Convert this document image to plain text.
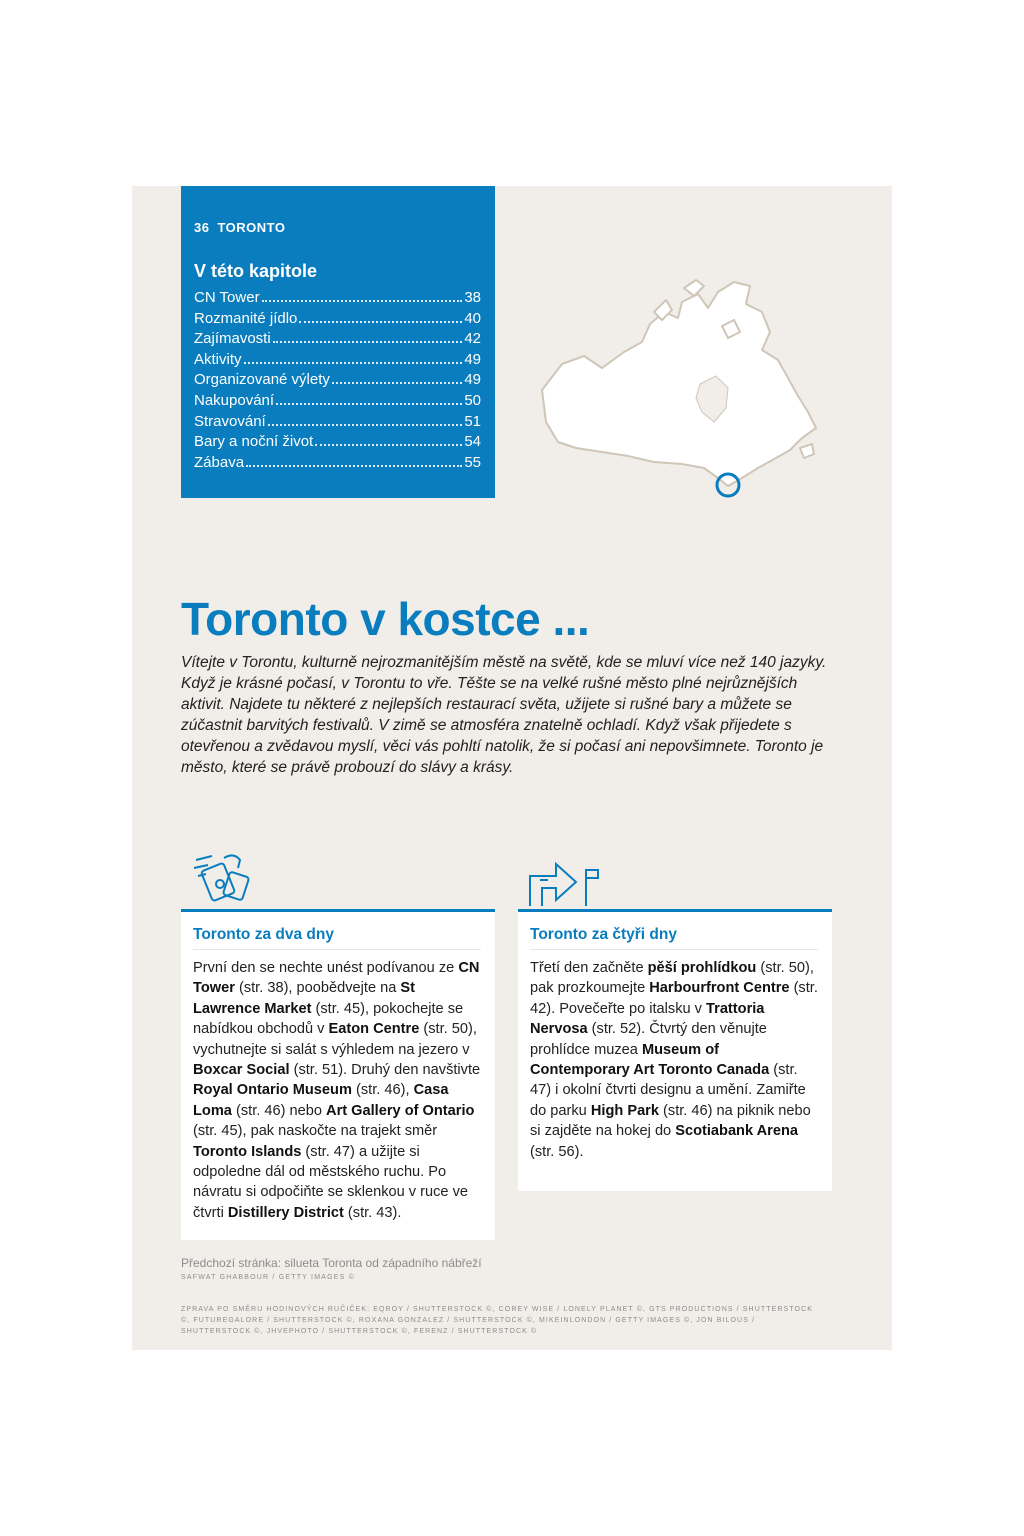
36 TORONTO
V této kapitole
CN Tower	38
Rozmanité jídlo	40
Zajímavosti	42
Aktivity	49
Organizované výlety	49
Nakupování	50
Stravování	51
Bary a noční život	54
Zábava	55
Toronto v kostce ...

Vítejte v Torontu, kulturně nejrozmanitějším městě na světě, kde se mluví více než 140 jazyky. Když je krásné počasí, v Torontu to vře. Těšte se na velké rušné město plné nejrůznějších aktivit. Najdete tu některé z nejlepších restaurací světa, užijete si rušné bary a můžete se zúčastnit barvitých festivalů. V zimě se atmosféra znatelně ochladí. Když však přijedete s otevřenou a zvědavou myslí, věci vás pohltí natolik, že si počasí ani nepovšimnete. Toronto je město, které se právě probouzí do slávy a krásy.

Toronto za dva dny

První den se nechte unést podívanou ze CN Tower (str. 38), poobědvejte na St Lawrence Market (str. 45), pokochejte se nabídkou obchodů v Eaton Centre (str. 50), vychutnejte si salát s výhledem na jezero v Boxcar Social (str. 51). Druhý den navštivte Royal Ontario Museum (str. 46), Casa Loma (str. 46) nebo Art Gallery of Ontario (str. 45), pak naskočte na trajekt směr Toronto Islands (str. 47) a užijte si odpoledne dál od městského ruchu. Po návratu si odpočiňte se sklenkou v ruce ve čtvrti Distillery District (str. 43).

Toronto za čtyři dny

Třetí den začněte pěší prohlídkou (str. 50), pak prozkoumejte Harbourfront Centre (str. 42). Povečeřte po italsku v Trattoria Nervosa (str. 52). Čtvrtý den věnujte prohlídce muzea Museum of Contemporary Art Toronto Canada (str. 47) i okolní čtvrti designu a umění. Zamiřte do parku High Park (str. 46) na piknik nebo si zajděte na hokej do Scotiabank Arena (str. 56).

Předchozí stránka: silueta Toronta od západního nábřeží
SAFWAT GHABBOUR / GETTY IMAGES ©
ZPRAVA PO SMĚRU HODINOVÝCH RUČIČEK: EQROY / SHUTTERSTOCK ©, COREY WISE / LONELY PLANET ©, GTS PRODUCTIONS / SHUTTERSTOCK ©, FUTUREGALORE / SHUTTERSTOCK ©, ROXANA GONZALEZ / SHUTTERSTOCK ©, MIKEINLONDON / GETTY IMAGES ©, JON BILOUS / SHUTTERSTOCK ©, JHVEPHOTO / SHUTTERSTOCK ©, FERENZ / SHUTTERSTOCK ©
